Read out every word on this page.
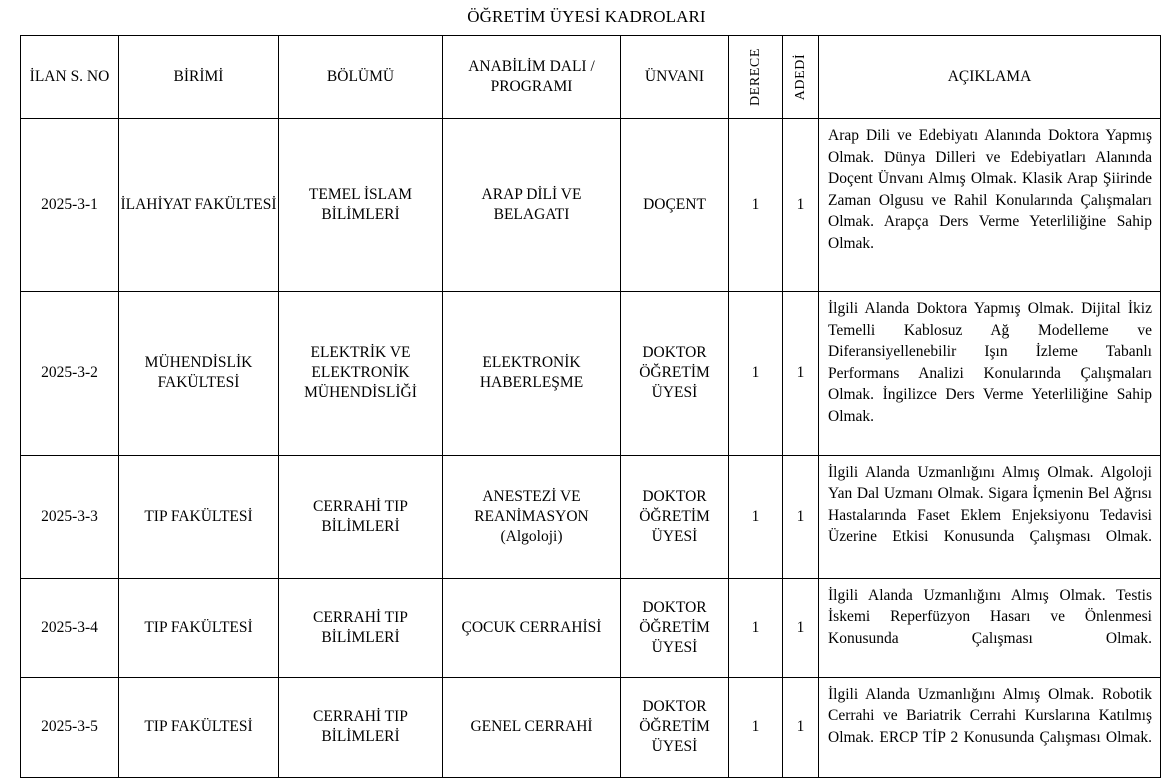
ÖĞRETİM ÜYESİ KADROLARI
İLAN S. NO	BİRİMİ	BÖLÜMÜ	ANABİLİM DALI / PROGRAMI	ÜNVANI	DERECE	ADEDİ	AÇIKLAMA

2025-3-1	İLAHİYAT FAKÜLTESİ	TEMEL İSLAM BİLİMLERİ	ARAP DİLİ VE BELAGATI	DOÇENT	1	1	Arap Dili ve Edebiyatı Alanında Doktora Yapmış Olmak. Dünya Dilleri ve Edebiyatları Alanında Doçent Ünvanı Almış Olmak. Klasik Arap Şiirinde Zaman Olgusu ve Rahil Konularında Çalışmaları Olmak. Arapça Ders Verme Yeterliliğine Sahip Olmak.

2025-3-2	MÜHENDİSLİK FAKÜLTESİ	ELEKTRİK VE ELEKTRONİK MÜHENDİSLİĞİ	ELEKTRONİK HABERLEŞME	DOKTOR ÖĞRETİM ÜYESİ	1	1	İlgili Alanda Doktora Yapmış Olmak. Dijital İkiz Temelli Kablosuz Ağ Modelleme ve Diferansiyellenebilir Işın İzleme Tabanlı Performans Analizi Konularında Çalışmaları Olmak. İngilizce Ders Verme Yeterliliğine Sahip Olmak.

2025-3-3	TIP FAKÜLTESİ	CERRAHİ TIP BİLİMLERİ	ANESTEZİ VE REANİMASYON (Algoloji)	DOKTOR ÖĞRETİM ÜYESİ	1	1	İlgili Alanda Uzmanlığını Almış Olmak. Algoloji Yan Dal Uzmanı Olmak. Sigara İçmenin Bel Ağrısı Hastalarında Faset Eklem Enjeksiyonu Tedavisi Üzerine Etkisi Konusunda Çalışması Olmak.

2025-3-4	TIP FAKÜLTESİ	CERRAHİ TIP BİLİMLERİ	ÇOCUK CERRAHİSİ	DOKTOR ÖĞRETİM ÜYESİ	1	1	İlgili Alanda Uzmanlığını Almış Olmak. Testis İskemi Reperfüzyon Hasarı ve Önlenmesi Konusunda Çalışması Olmak.

2025-3-5	TIP FAKÜLTESİ	CERRAHİ TIP BİLİMLERİ	GENEL CERRAHİ	DOKTOR ÖĞRETİM ÜYESİ	1	1	İlgili Alanda Uzmanlığını Almış Olmak. Robotik Cerrahi ve Bariatrik Cerrahi Kurslarına Katılmış Olmak. ERCP TİP 2 Konusunda Çalışması Olmak.
